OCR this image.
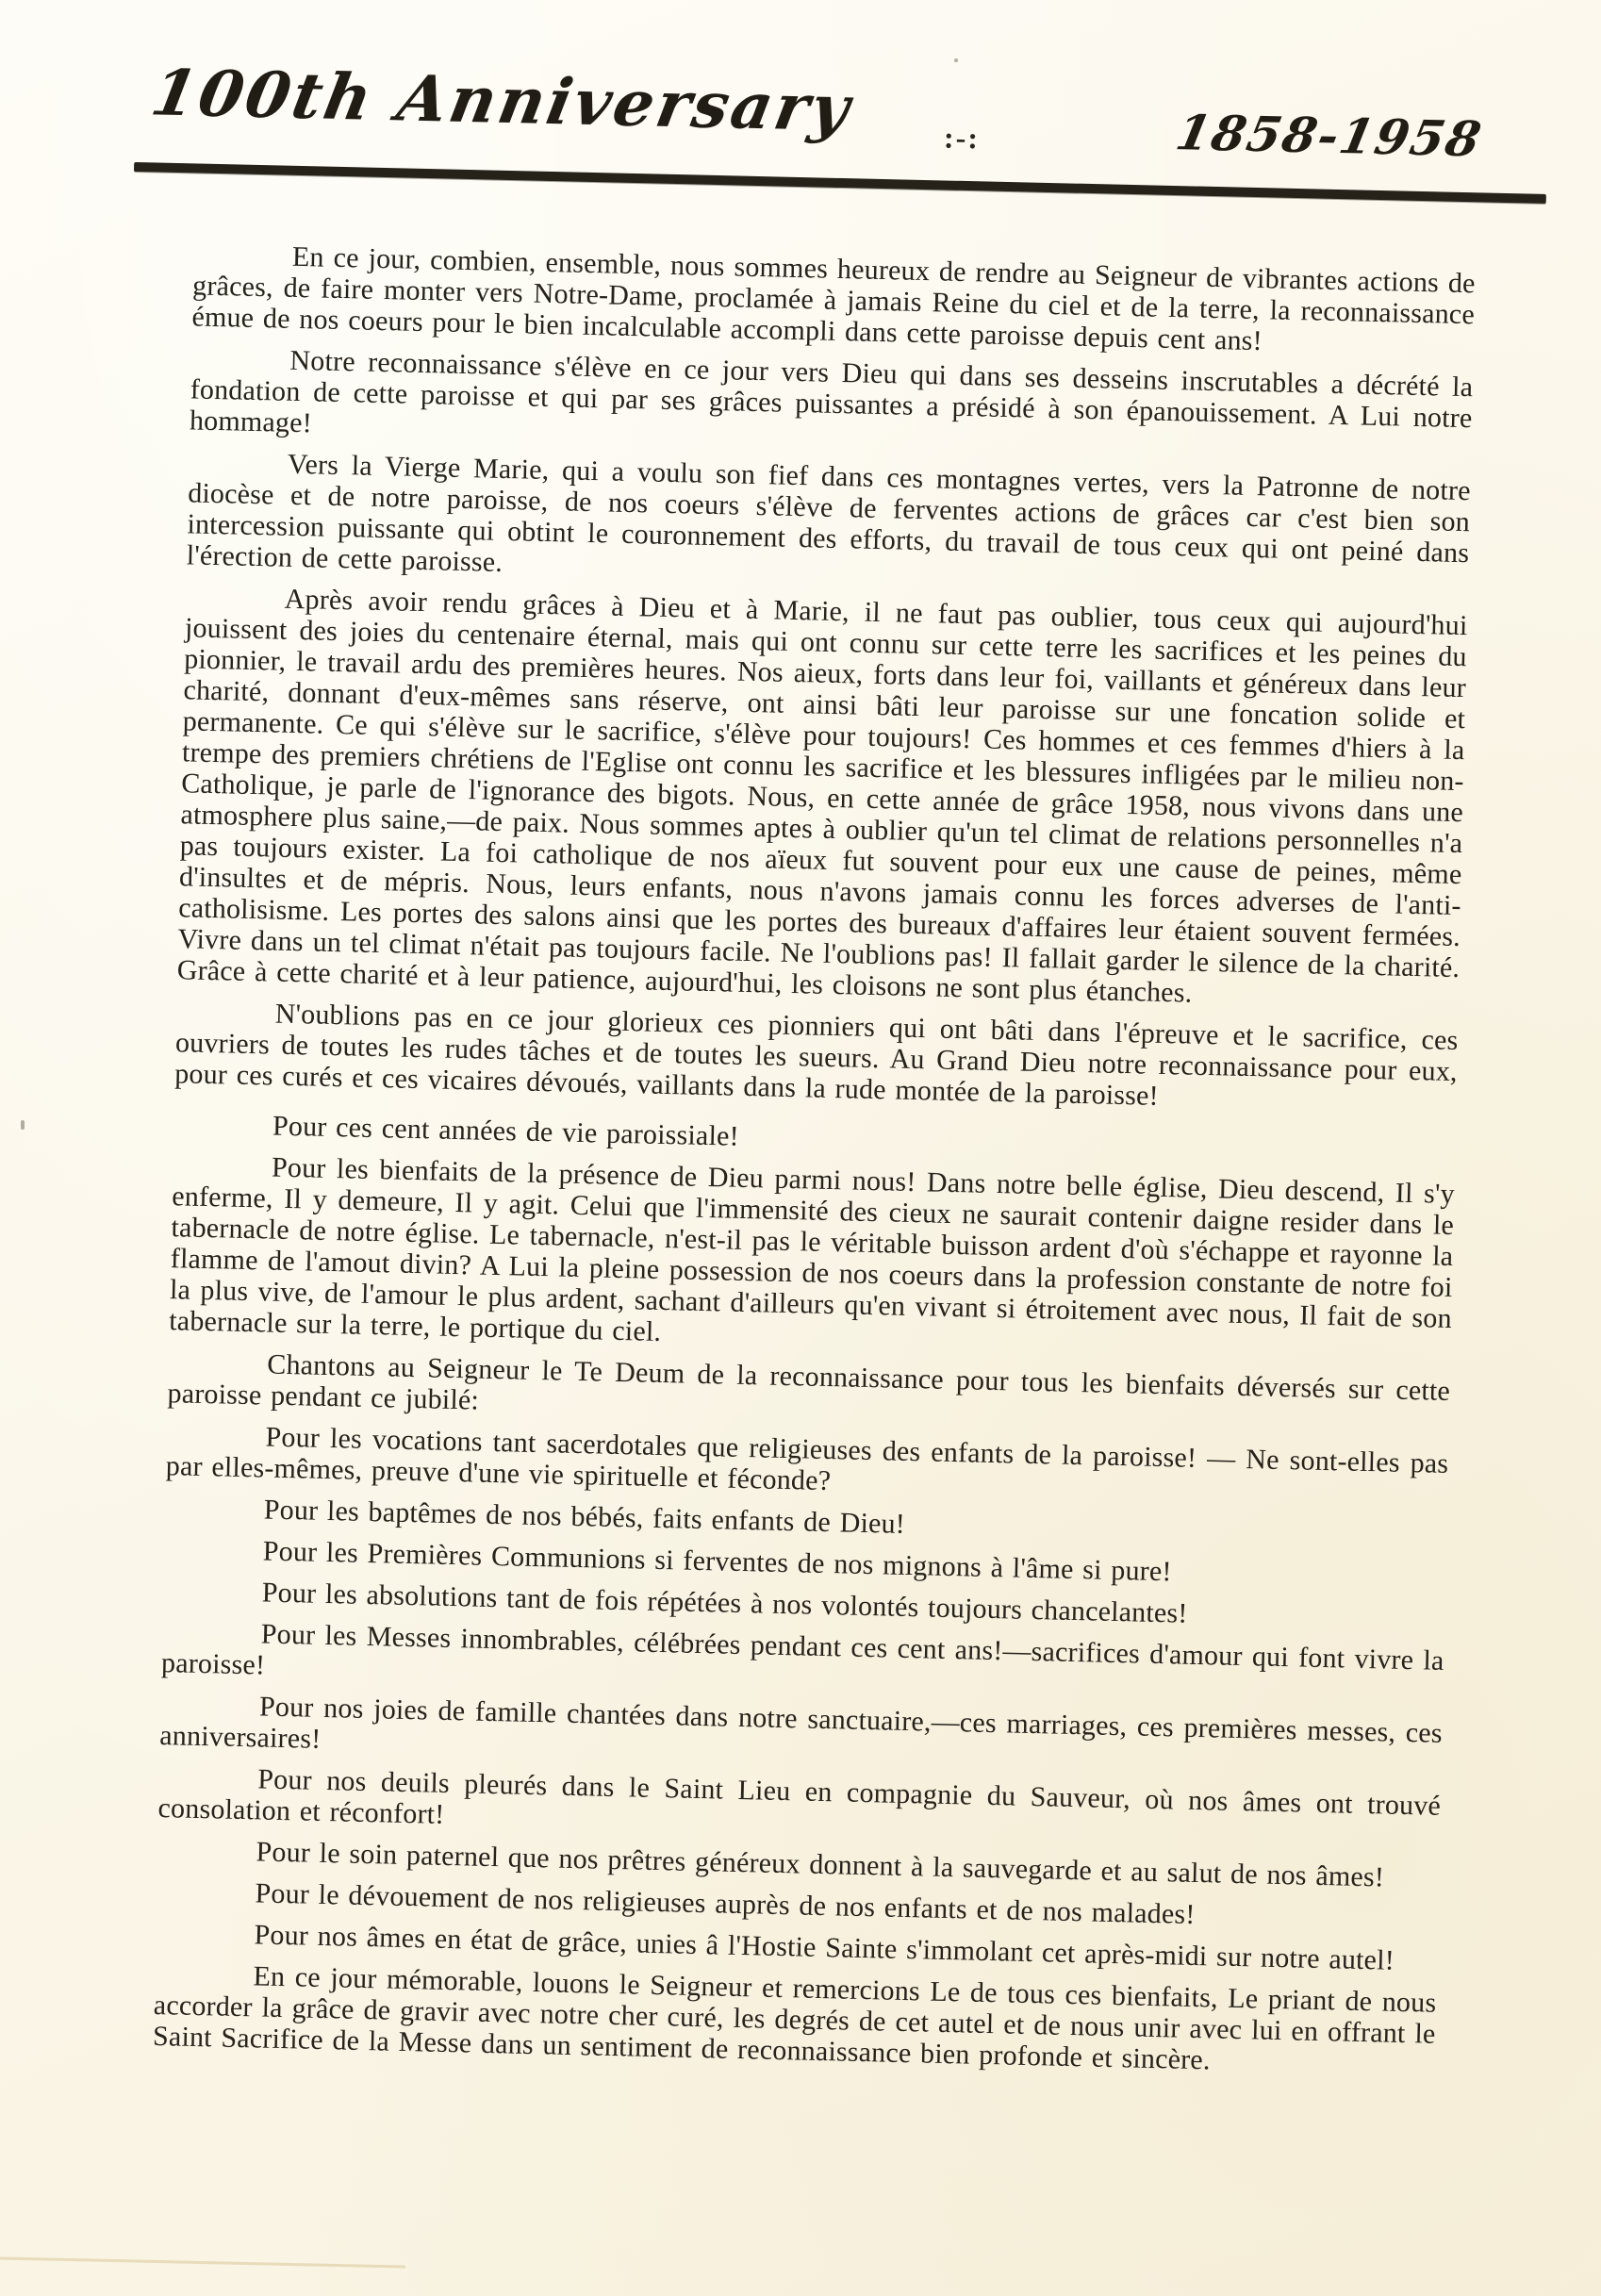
100th Anniversary	:-:	1858-1958

En ce jour, combien, ensemble, nous sommes heureux de rendre au Seigneur de vibrantes actions de grâces, de faire monter vers Notre-Dame, proclamée à jamais Reine du ciel et de la terre, la reconnaissance émue de nos coeurs pour le bien incalculable accompli dans cette paroisse depuis cent ans!

Notre reconnaissance s'élève en ce jour vers Dieu qui dans ses desseins inscrutables a décrété la fondation de cette paroisse et qui par ses grâces puissantes a présidé à son épanouissement. A Lui notre hommage!

Vers la Vierge Marie, qui a voulu son fief dans ces montagnes vertes, vers la Patronne de notre diocèse et de notre paroisse, de nos coeurs s'élève de ferventes actions de grâces car c'est bien son intercession puissante qui obtint le couronnement des efforts, du travail de tous ceux qui ont peiné dans l'érection de cette paroisse.

Après avoir rendu grâces à Dieu et à Marie, il ne faut pas oublier, tous ceux qui aujourd'hui jouissent des joies du centenaire éternal, mais qui ont connu sur cette terre les sacrifices et les peines du pionnier, le travail ardu des premières heures. Nos aieux, forts dans leur foi, vaillants et généreux dans leur charité, donnant d'eux-mêmes sans réserve, ont ainsi bâti leur paroisse sur une foncation solide et permanente. Ce qui s'élève sur le sacrifice, s'élève pour toujours! Ces hommes et ces femmes d'hiers à la trempe des premiers chrétiens de l'Eglise ont connu les sacrifice et les blessures infligées par le milieu non-Catholique, je parle de l'ignorance des bigots. Nous, en cette année de grâce 1958, nous vivons dans une atmosphere plus saine,—de paix. Nous sommes aptes à oublier qu'un tel climat de relations personnelles n'a pas toujours exister. La foi catholique de nos aïeux fut souvent pour eux une cause de peines, même d'insultes et de mépris. Nous, leurs enfants, nous n'avons jamais connu les forces adverses de l'anti-catholisisme. Les portes des salons ainsi que les portes des bureaux d'affaires leur étaient souvent fermées. Vivre dans un tel climat n'était pas toujours facile. Ne l'oublions pas! Il fallait garder le silence de la charité. Grâce à cette charité et à leur patience, aujourd'hui, les cloisons ne sont plus étanches.

N'oublions pas en ce jour glorieux ces pionniers qui ont bâti dans l'épreuve et le sacrifice, ces ouvriers de toutes les rudes tâches et de toutes les sueurs. Au Grand Dieu notre reconnaissance pour eux, pour ces curés et ces vicaires dévoués, vaillants dans la rude montée de la paroisse!

Pour ces cent années de vie paroissiale!

Pour les bienfaits de la présence de Dieu parmi nous! Dans notre belle église, Dieu descend, Il s'y enferme, Il y demeure, Il y agit. Celui que l'immensité des cieux ne saurait contenir daigne resider dans le tabernacle de notre église. Le tabernacle, n'est-il pas le véritable buisson ardent d'où s'échappe et rayonne la flamme de l'amout divin? A Lui la pleine possession de nos coeurs dans la profession constante de notre foi la plus vive, de l'amour le plus ardent, sachant d'ailleurs qu'en vivant si étroitement avec nous, Il fait de son tabernacle sur la terre, le portique du ciel.

Chantons au Seigneur le Te Deum de la reconnaissance pour tous les bienfaits déversés sur cette paroisse pendant ce jubilé:

Pour les vocations tant sacerdotales que religieuses des enfants de la paroisse! — Ne sont-elles pas par elles-mêmes, preuve d'une vie spirituelle et féconde?

Pour les baptêmes de nos bébés, faits enfants de Dieu!

Pour les Premières Communions si ferventes de nos mignons à l'âme si pure!

Pour les absolutions tant de fois répétées à nos volontés toujours chancelantes!

Pour les Messes innombrables, célébrées pendant ces cent ans!—sacrifices d'amour qui font vivre la paroisse!

Pour nos joies de famille chantées dans notre sanctuaire,—ces marriages, ces premières messes, ces anniversaires!

Pour nos deuils pleurés dans le Saint Lieu en compagnie du Sauveur, où nos âmes ont trouvé consolation et réconfort!

Pour le soin paternel que nos prêtres généreux donnent à la sauvegarde et au salut de nos âmes!

Pour le dévouement de nos religieuses auprès de nos enfants et de nos malades!

Pour nos âmes en état de grâce, unies â l'Hostie Sainte s'immolant cet après-midi sur notre autel!

En ce jour mémorable, louons le Seigneur et remercions Le de tous ces bienfaits, Le priant de nous accorder la grâce de gravir avec notre cher curé, les degrés de cet autel et de nous unir avec lui en offrant le Saint Sacrifice de la Messe dans un sentiment de reconnaissance bien profonde et sincère.
